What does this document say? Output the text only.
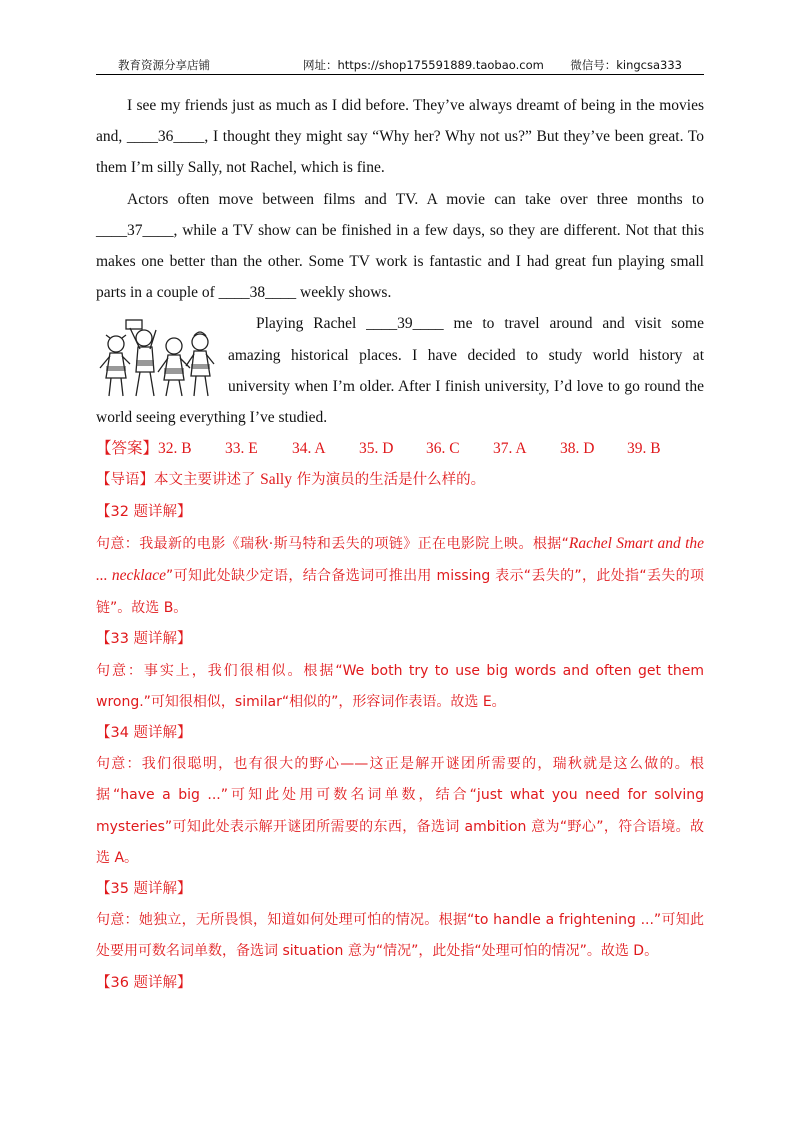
教育资源分享店铺	网址：https://shop175591889.taobao.com 微信号：kingcsa333

I see my friends just as much as I did before. They’ve always dreamt of being in the movies and, ____36____, I thought they might say “Why her? Why not us?” But they’ve been great. To them I’m silly Sally, not Rachel, which is fine.

Actors often move between films and TV. A movie can take over three months to ____37____, while a TV show can be finished in a few days, so they are different. Not that this makes one better than the other. Some TV work is fantastic and I had great fun playing small parts in a couple of ____38____ weekly shows.

Playing Rachel ____39____ me to travel around and visit some amazing historical places. I have decided to study world history at university when I’m older. After I finish university, I’d love to go round the world seeing everything I’ve studied.

【答案】32. B 33. E 34. A 35. D 36. C 37. A 38. D 39. B

【导语】本文主要讲述了 Sally 作为演员的生活是什么样的。

【32 题详解】

句意：我最新的电影《瑞秋·斯马特和丢失的项链》正在电影院上映。根据“Rachel Smart and the ... necklace”可知此处缺少定语，结合备选词可推出用 missing 表示“丢失的”，此处指“丢失的项链”。故选 B。

【33 题详解】

句意：事实上，我们很相似。根据“We both try to use big words and often get them wrong.”可知很相似，similar“相似的”，形容词作表语。故选 E。

【34 题详解】

句意：我们很聪明，也有很大的野心——这正是解开谜团所需要的，瑞秋就是这么做的。根据“have a big ...”可知此处用可数名词单数，结合“just what you need for solving mysteries”可知此处表示解开谜团所需要的东西，备选词 ambition 意为“野心”，符合语境。故选 A。

【35 题详解】

句意：她独立，无所畏惧，知道如何处理可怕的情况。根据“to handle a frightening ...”可知此处要用可数名词单数，备选词 situation 意为“情况”，此处指“处理可怕的情况”。故选 D。

【36 题详解】
